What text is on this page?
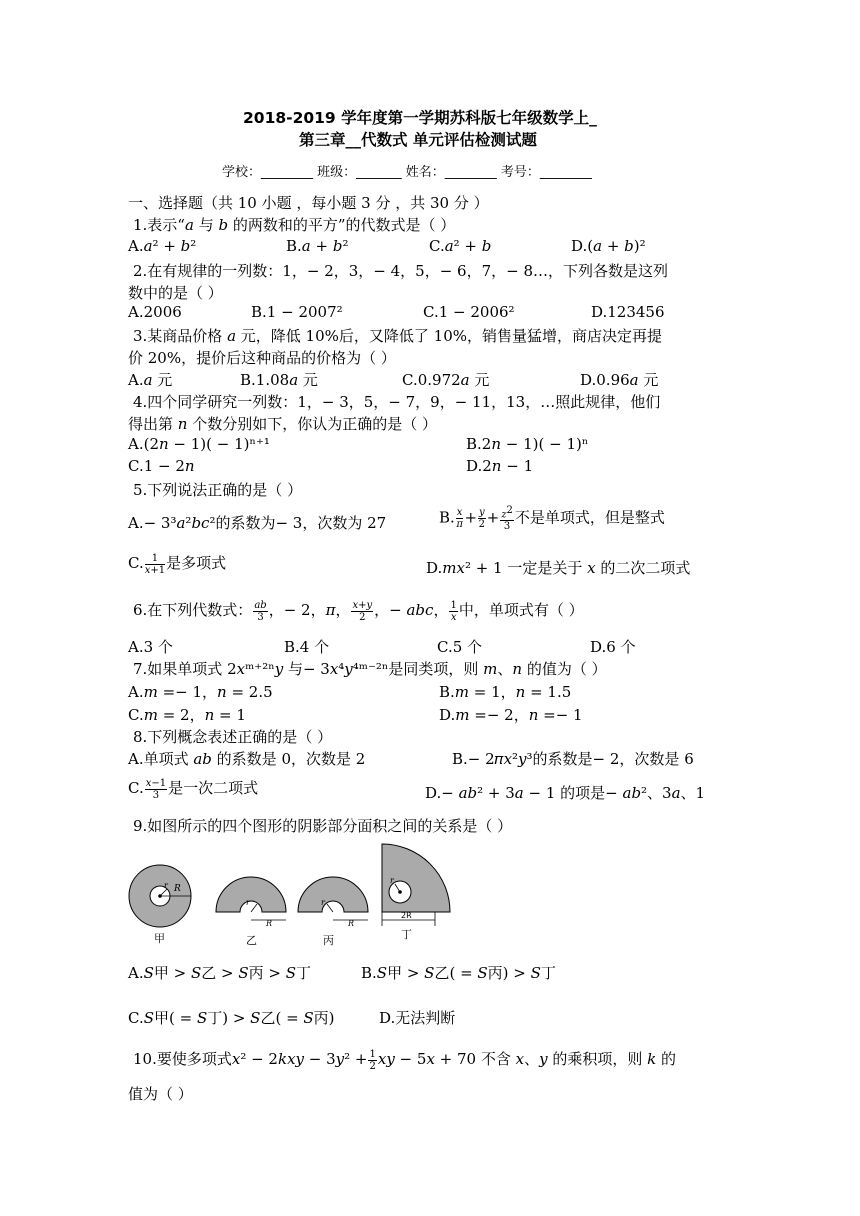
2018-2019 学年度第一学期苏科版七年级数学上_
第三章__代数式 单元评估检测试题
学校：________ 班级：_______ 姓名：________ 考号：________
一、选择题（共 10 小题 ，每小题 3 分 ，共 30 分 ）
1.表示“𝑎 与 𝑏 的两数和的平方”的代数式是（ ）
A.𝑎² + 𝑏²	B.𝑎 + 𝑏²	C.𝑎² + 𝑏	D.(𝑎 + 𝑏)²
2.在有规律的一列数：1，− 2，3，− 4，5，− 6，7，− 8…，下列各数是这列
数中的是（ ）
A.2006	B.1 − 2007²	C.1 − 2006²	D.123456
3.某商品价格 𝑎 元，降低 10%后，又降低了 10%，销售量猛增，商店决定再提
价 20%，提价后这种商品的价格为（ ）
A.𝑎 元	B.1.08𝑎 元	C.0.972𝑎 元	D.0.96𝑎 元
4.四个同学研究一列数：1，− 3，5，− 7，9，− 11，13，…照此规律，他们
得出第 𝑛 个数分别如下，你认为正确的是（ ）
A.(2𝑛 − 1)( − 1)ⁿ⁺¹	B.2𝑛 − 1)( − 1)ⁿ
C.1 − 2𝑛	D.2𝑛 − 1
5.下列说法正确的是（ ）
A.− 3³𝑎²𝑏𝑐²的系数为− 3，次数为 27	B. $\frac{x}{\pi} + \frac{y}{2} + \frac{z^2}{3}$ 不是单项式，但是整式
C. $\frac{1}{x+1}$ 是多项式	D.𝑚𝑥² + 1 一定是关于 𝑥 的二次二项式
6.在下列代数式： $\frac{ab}{3}$ ，− 2，π， $\frac{x+y}{2}$ ，− abc， $\frac{1}{x}$ 中，单项式有（ ）
A.3 个	B.4 个	C.5 个	D.6 个
7.如果单项式 2𝑥ᵐ⁺²ⁿ𝑦 与− 3𝑥⁴𝑦⁴ᵐ⁻²ⁿ是同类项，则 𝑚、𝑛 的值为（ ）
A.𝑚 =− 1，𝑛 = 2.5	B.𝑚 = 1，𝑛 = 1.5
C.𝑚 = 2，𝑛 = 1	D.𝑚 =− 2，𝑛 =− 1
8.下列概念表述正确的是（ ）
A.单项式 𝑎𝑏 的系数是 0，次数是 2	B.− 2𝜋𝑥²𝑦³的系数是− 2，次数是 6
C. $\frac{x-1}{3}$ 是一次二项式	D.− 𝑎𝑏² + 3𝑎 − 1 的项是− 𝑎𝑏²、3𝑎、1
9.如图所示的四个图形的阴影部分面积之间的关系是（ ）
r R
甲
r
R
乙
r
R
丙
r
2R
丁
A.𝑆甲 > 𝑆乙 > 𝑆丙 > 𝑆丁	B.𝑆甲 > 𝑆乙( = 𝑆丙) > 𝑆丁
C.𝑆甲( = 𝑆丁) > 𝑆乙( = 𝑆丙)	D.无法判断
10.要使多项式𝑥² − 2𝑘𝑥𝑦 − 3𝑦² + $\frac{1}{2}$ 𝑥𝑦 − 5𝑥 + 70 不含 𝑥、𝑦 的乘积项，则 𝑘 的
值为（ ）
